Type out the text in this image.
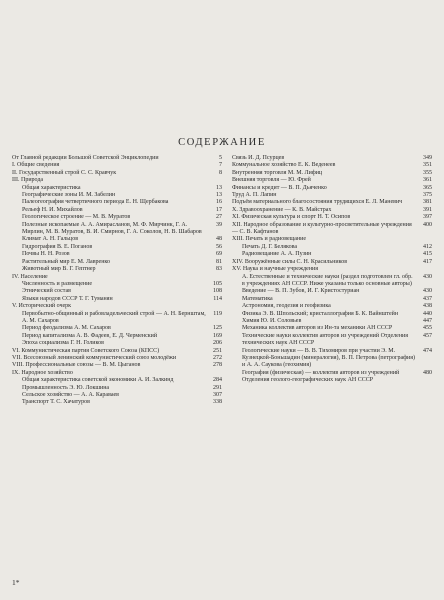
СОДЕРЖАНИЕ
От Главной редакции Большой Советской Энциклопедии	5
I. Общие сведения	7
II. Государственный строй С. С. Кравчук	8
III. Природа
Общая характеристика	13
Географические зоны И. М. Забелин	13
Палеогеография четвертичного периода Е. Н. Щербакова	16
Рельеф Н. И. Михайлов	17
Геологическое строение — М. В. Муратов	27
Полезные ископаемые А. А. Амирасланов, М. Ф. Мирчинк, Г. А. Мирлин, М. В. Муратов, В. И. Смирнов, Г. А. Соколов, Н. В. Шабаров
39
Климат А. Н. Гальцов	48
Гидрография В. Е. Поганов	56
Почвы Н. Н. Розов	69
Растительный мир Е. М. Лавренко	81
Животный мир В. Г. Гептнер	83
IV. Население
Численность и размещение	105
Этнический состав	108
Языки народов СССР Т. Г. Туманян	114
V. Исторический очерк
Первобытно-общинный и рабовладельческий строй — А. Н. Бернштам, А. М. Сахаров
119
Период феодализма А. М. Сахаров	125
Период капитализма А. В. Фадеев, Е. Д. Черменский	169
Эпоха социализма Г. Н. Голиков	206
VI. Коммунистическая партия Советского Союза (КПСС)	251
VII. Всесоюзный ленинский коммунистический союз молодёжи	272
VIII. Профессиональные союзы — В. М. Цыганов	278
IX. Народное хозяйство
Общая характеристика советской экономики А. И. Залкинд	284
Промышленность Э. Ю. Локшина	291
Сельское хозяйство — А. А. Караваев	307
Транспорт Т. С. Хачатуров	338
Связь И. Д. Псурцев	349
Коммунальное хозяйство Е. К. Веденеев	351
Внутренняя торговля М. М. Лифиц	355
Внешняя торговля — Ю. Фрей	361
Финансы и кредит — В. П. Дьяченко	365
Труд А. П. Лапин	375
Подъём материального благосостояния трудящихся Е. Л. Маневич	381
X. Здравоохранение — К. В. Майстрах	391
XI. Физическая культура и спорт Н. Т. Осипов	397
XII. Народное образование и культурно-просветительные учреждения — С. В. Кафтанов
400
XIII. Печать и радиовещание
Печать Д. Г. Белякова	412
Радиовещание А. А. Пузин	415
XIV. Вооружённые силы С. Н. Красильников	417
XV. Наука и научные учреждения
А. Естественные и технические науки (раздел подготовлен гл. обр. в учреждениях АН СССР. Ниже указаны только основные авторы)
430
Введение — В. П. Зубов, И. Г. Кристостуриан	430
Математика	437
Астрономия, геодезия и геофизика	438
Физика Э. В. Шпольский; кристаллография Б. К. Вайнштейн	440
Химия Ю. И. Соловьев	447
Механика коллектив авторов из Ин-та механики АН СССР	455
Технические науки коллектив авторов из учреждений Отделения технических наук АН СССР
457
Геологические науки — В. В. Тихомиров при участии Э. М. Кузнецкой-Боньшадин (минералогия), В. П. Петрова (петрография) и А. А. Саукова (геохимия)
474
География (физическая) — коллектив авторов из учреждений Отделения геолого-географических наук АН СССР
480
1*
